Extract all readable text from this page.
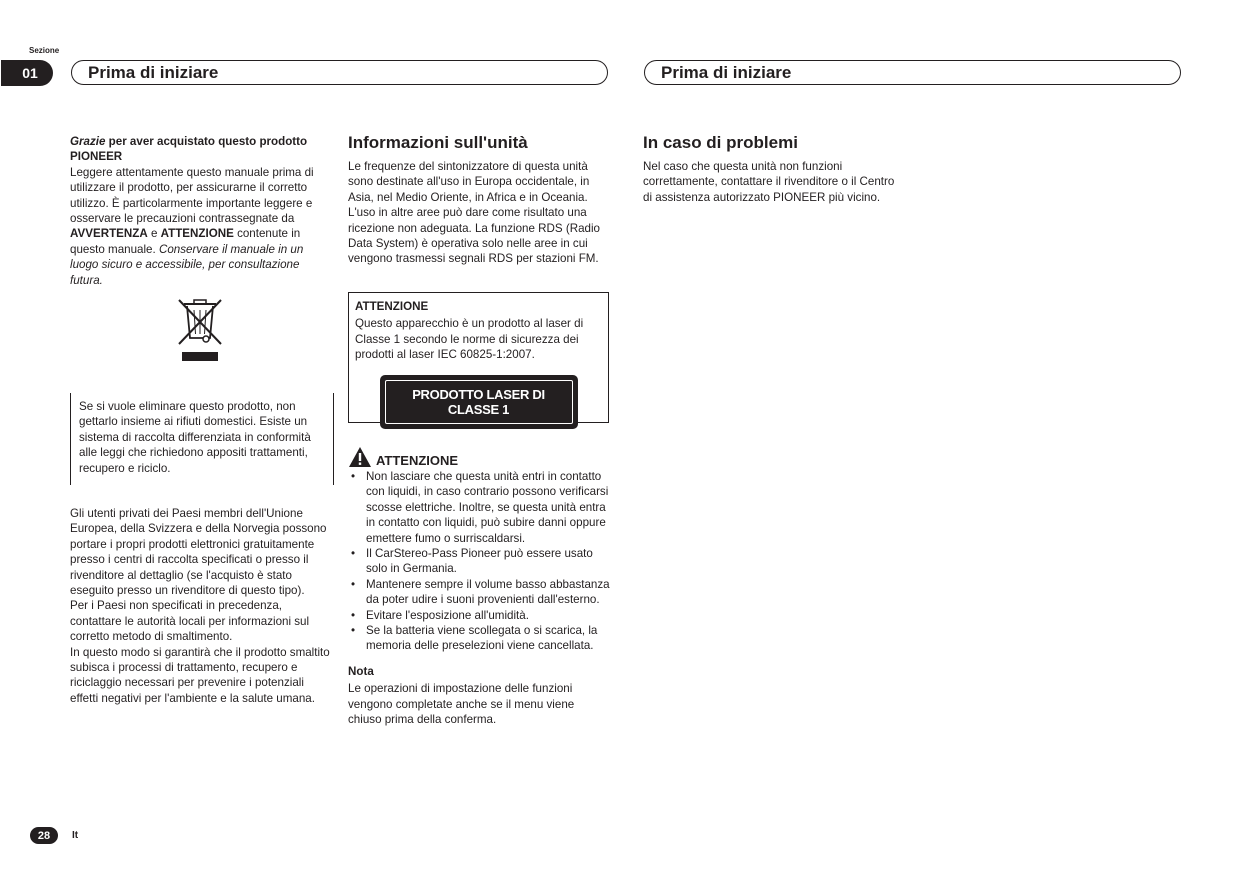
Sezione
01	Prima di iniziare	Prima di iniziare

Grazie per aver acquistato questo prodotto
PIONEER

Leggere attentamente questo manuale prima di utilizzare il prodotto, per assicurarne il corretto utilizzo. È particolarmente importante leggere e osservare le precauzioni contrassegnate da AVVERTENZA e ATTENZIONE contenute in questo manuale. Conservare il manuale in un luogo sicuro e accessibile, per consultazione futura.

Se si vuole eliminare questo prodotto, non gettarlo insieme ai rifiuti domestici. Esiste un sistema di raccolta differenziata in conformità alle leggi che richiedono appositi trattamenti, recupero e riciclo.

Gli utenti privati dei Paesi membri dell'Unione Europea, della Svizzera e della Norvegia possono portare i propri prodotti elettronici gratuitamente presso i centri di raccolta specificati o presso il rivenditore al dettaglio (se l'acquisto è stato eseguito presso un rivenditore di questo tipo).

Per i Paesi non specificati in precedenza, contattare le autorità locali per informazioni sul corretto metodo di smaltimento.

In questo modo si garantirà che il prodotto smaltito subisca i processi di trattamento, recupero e riciclaggio necessari per prevenire i potenziali effetti negativi per l'ambiente e la salute umana.

Informazioni sull'unità

Le frequenze del sintonizzatore di questa unità sono destinate all'uso in Europa occidentale, in Asia, nel Medio Oriente, in Africa e in Oceania. L'uso in altre aree può dare come risultato una ricezione non adeguata. La funzione RDS (Radio Data System) è operativa solo nelle aree in cui vengono trasmessi segnali RDS per stazioni FM.

ATTENZIONE

Questo apparecchio è un prodotto al laser di Classe 1 secondo le norme di sicurezza dei prodotti al laser IEC 60825-1:2007.

PRODOTTO LASER DI CLASSE 1
ATTENZIONE
• Non lasciare che questa unità entri in contatto con liquidi, in caso contrario possono verificarsi scosse elettriche. Inoltre, se questa unità entra in contatto con liquidi, può subire danni oppure emettere fumo o surriscaldarsi.
• Il CarStereo-Pass Pioneer può essere usato solo in Germania.
• Mantenere sempre il volume basso abbastanza da poter udire i suoni provenienti dall'esterno.
• Evitare l'esposizione all'umidità.
• Se la batteria viene scollegata o si scarica, la memoria delle preselezioni viene cancellata.

Nota

Le operazioni di impostazione delle funzioni vengono completate anche se il menu viene chiuso prima della conferma.

In caso di problemi

Nel caso che questa unità non funzioni correttamente, contattare il rivenditore o il Centro di assistenza autorizzato PIONEER più vicino.

28	It
